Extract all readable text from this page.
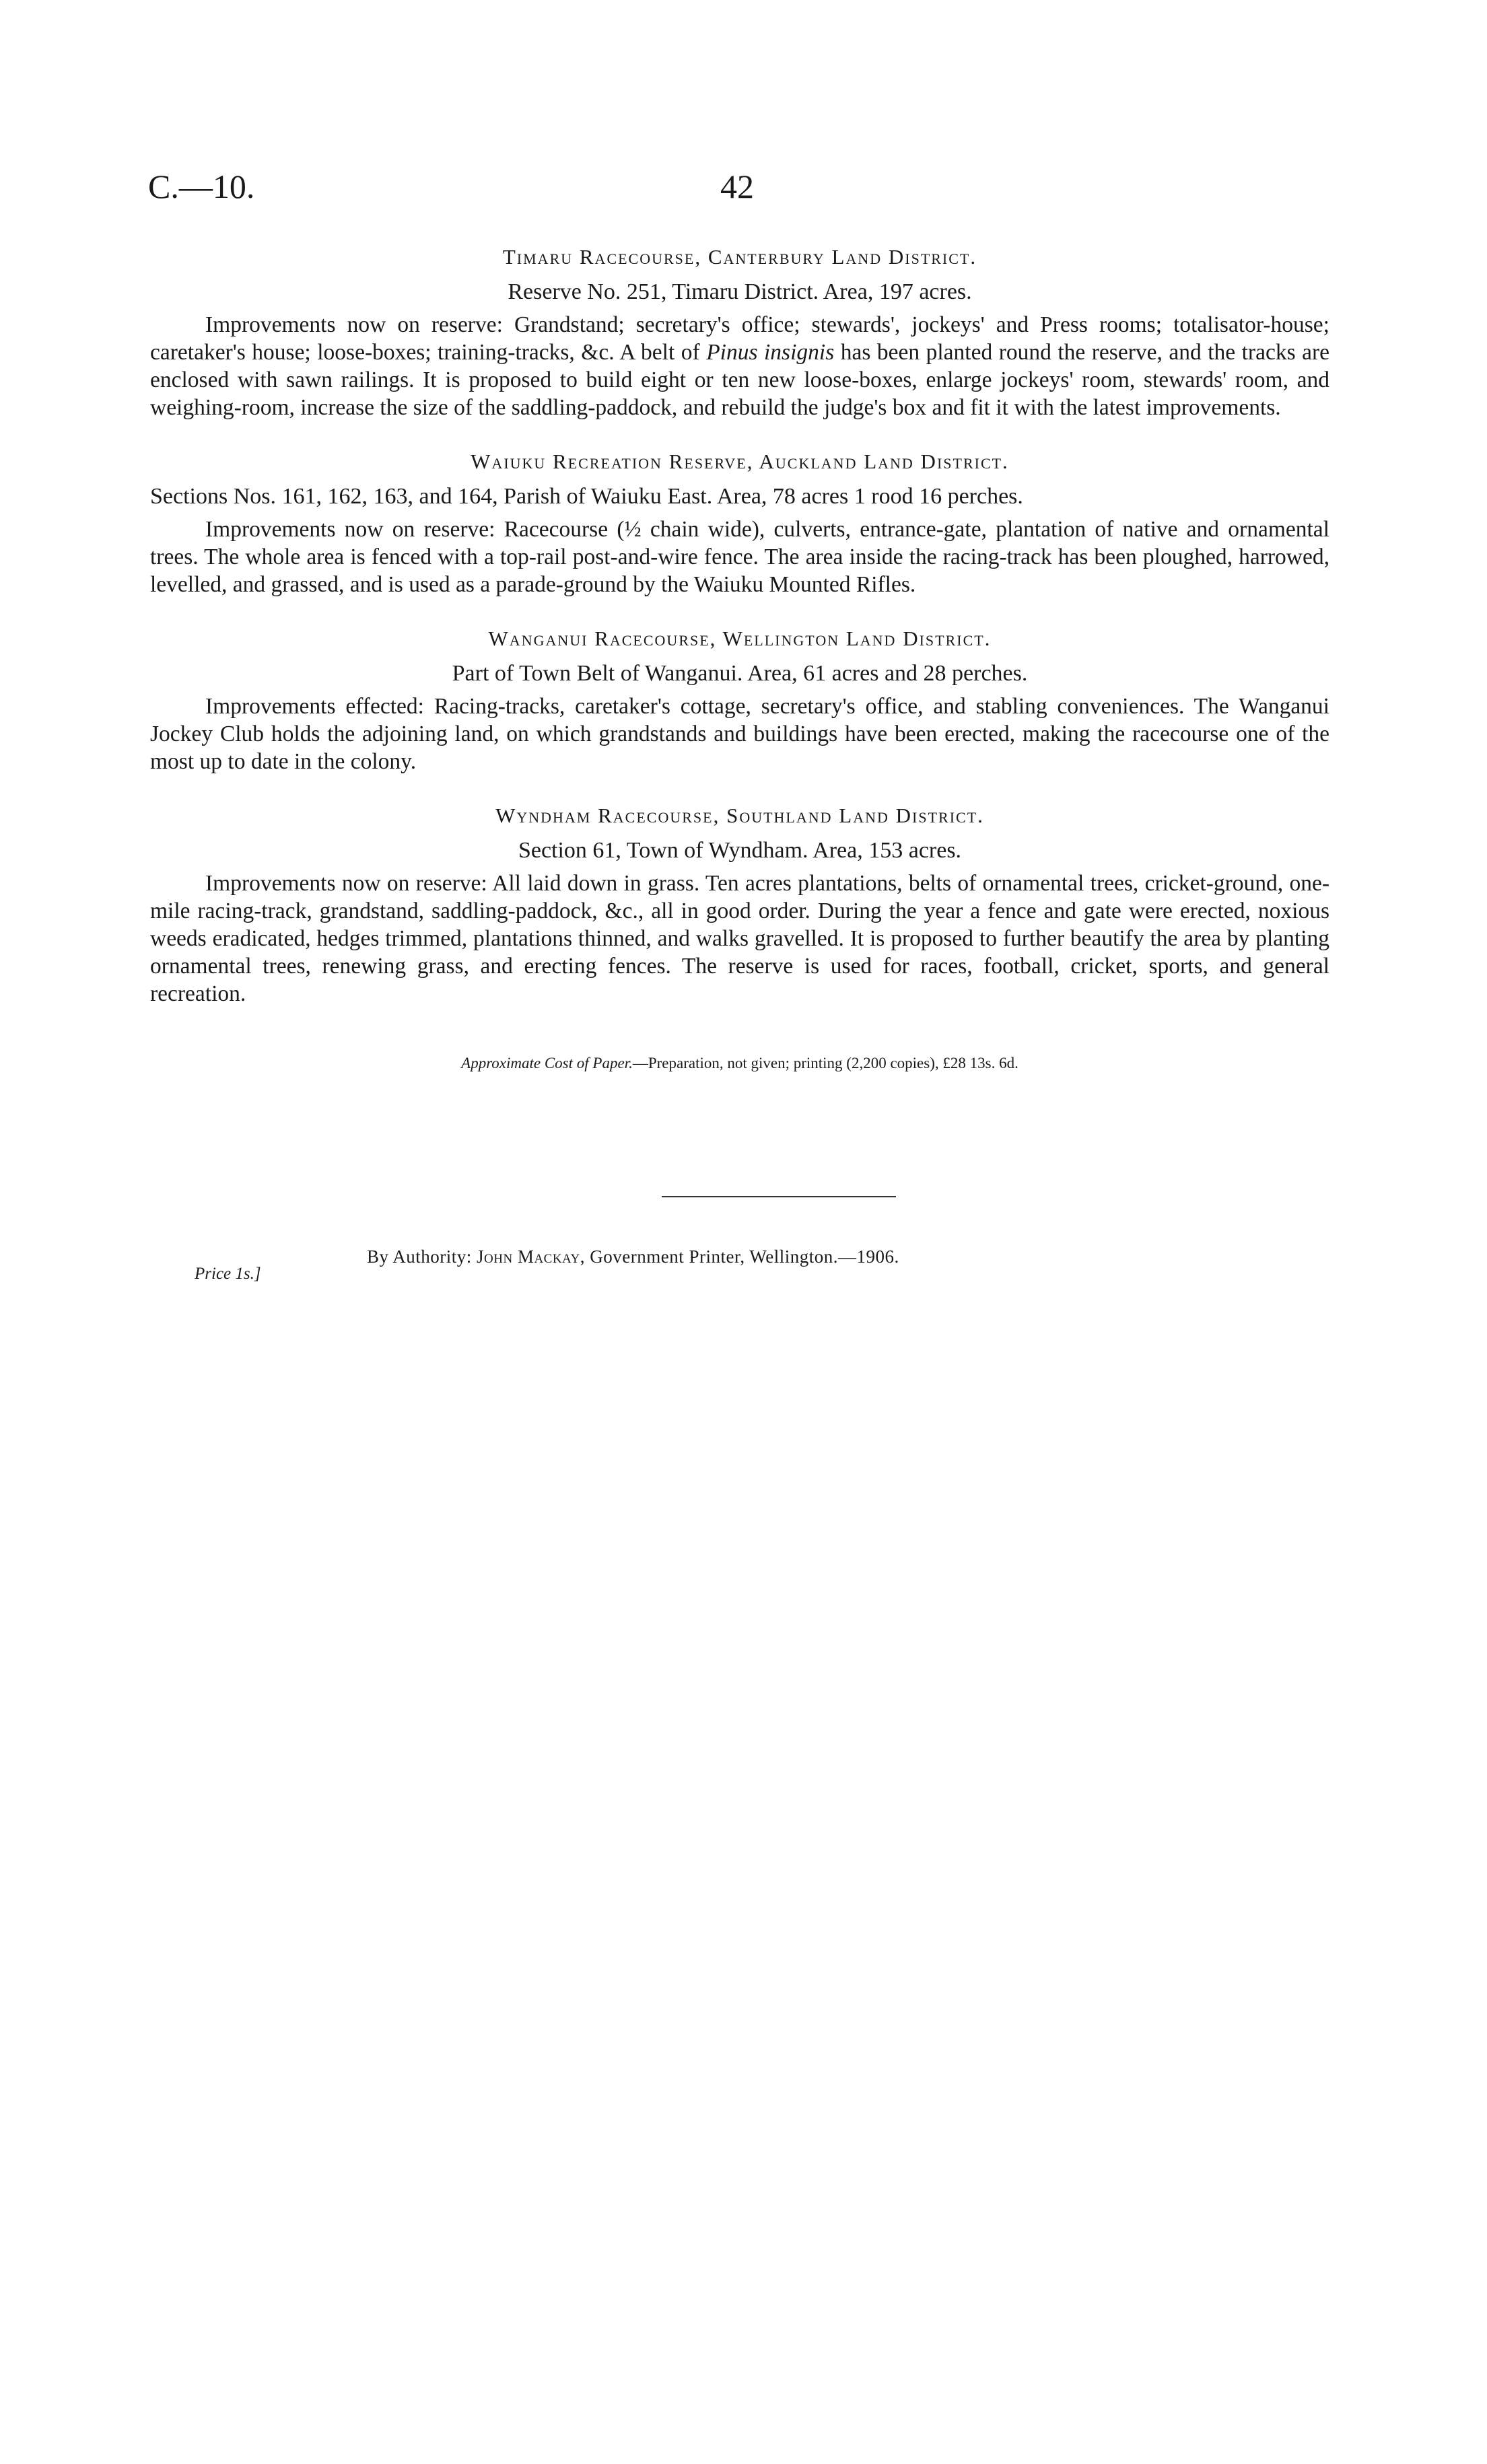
C.—10.	42
Timaru Racecourse, Canterbury Land District.
Reserve No. 251, Timaru District. Area, 197 acres.

Improvements now on reserve: Grandstand; secretary's office; stewards', jockeys' and Press rooms; totalisator-house; caretaker's house; loose-boxes; training-tracks, &c. A belt of Pinus insignis has been planted round the reserve, and the tracks are enclosed with sawn railings. It is proposed to build eight or ten new loose-boxes, enlarge jockeys' room, stewards' room, and weighing-room, increase the size of the saddling-paddock, and rebuild the judge's box and fit it with the latest improvements.

Waiuku Recreation Reserve, Auckland Land District.
Sections Nos. 161, 162, 163, and 164, Parish of Waiuku East. Area, 78 acres 1 rood 16 perches.

Improvements now on reserve: Racecourse (½ chain wide), culverts, entrance-gate, plantation of native and ornamental trees. The whole area is fenced with a top-rail post-and-wire fence. The area inside the racing-track has been ploughed, harrowed, levelled, and grassed, and is used as a parade-ground by the Waiuku Mounted Rifles.

Wanganui Racecourse, Wellington Land District.
Part of Town Belt of Wanganui. Area, 61 acres and 28 perches.

Improvements effected: Racing-tracks, caretaker's cottage, secretary's office, and stabling conveniences. The Wanganui Jockey Club holds the adjoining land, on which grandstands and buildings have been erected, making the racecourse one of the most up to date in the colony.

Wyndham Racecourse, Southland Land District.
Section 61, Town of Wyndham. Area, 153 acres.

Improvements now on reserve: All laid down in grass. Ten acres plantations, belts of ornamental trees, cricket-ground, one-mile racing-track, grandstand, saddling-paddock, &c., all in good order. During the year a fence and gate were erected, noxious weeds eradicated, hedges trimmed, plantations thinned, and walks gravelled. It is proposed to further beautify the area by planting ornamental trees, renewing grass, and erecting fences. The reserve is used for races, football, cricket, sports, and general recreation.

Approximate Cost of Paper.—Preparation, not given; printing (2,200 copies), £28 13s. 6d.
By Authority: John Mackay, Government Printer, Wellington.—1906.
Price 1s.]
